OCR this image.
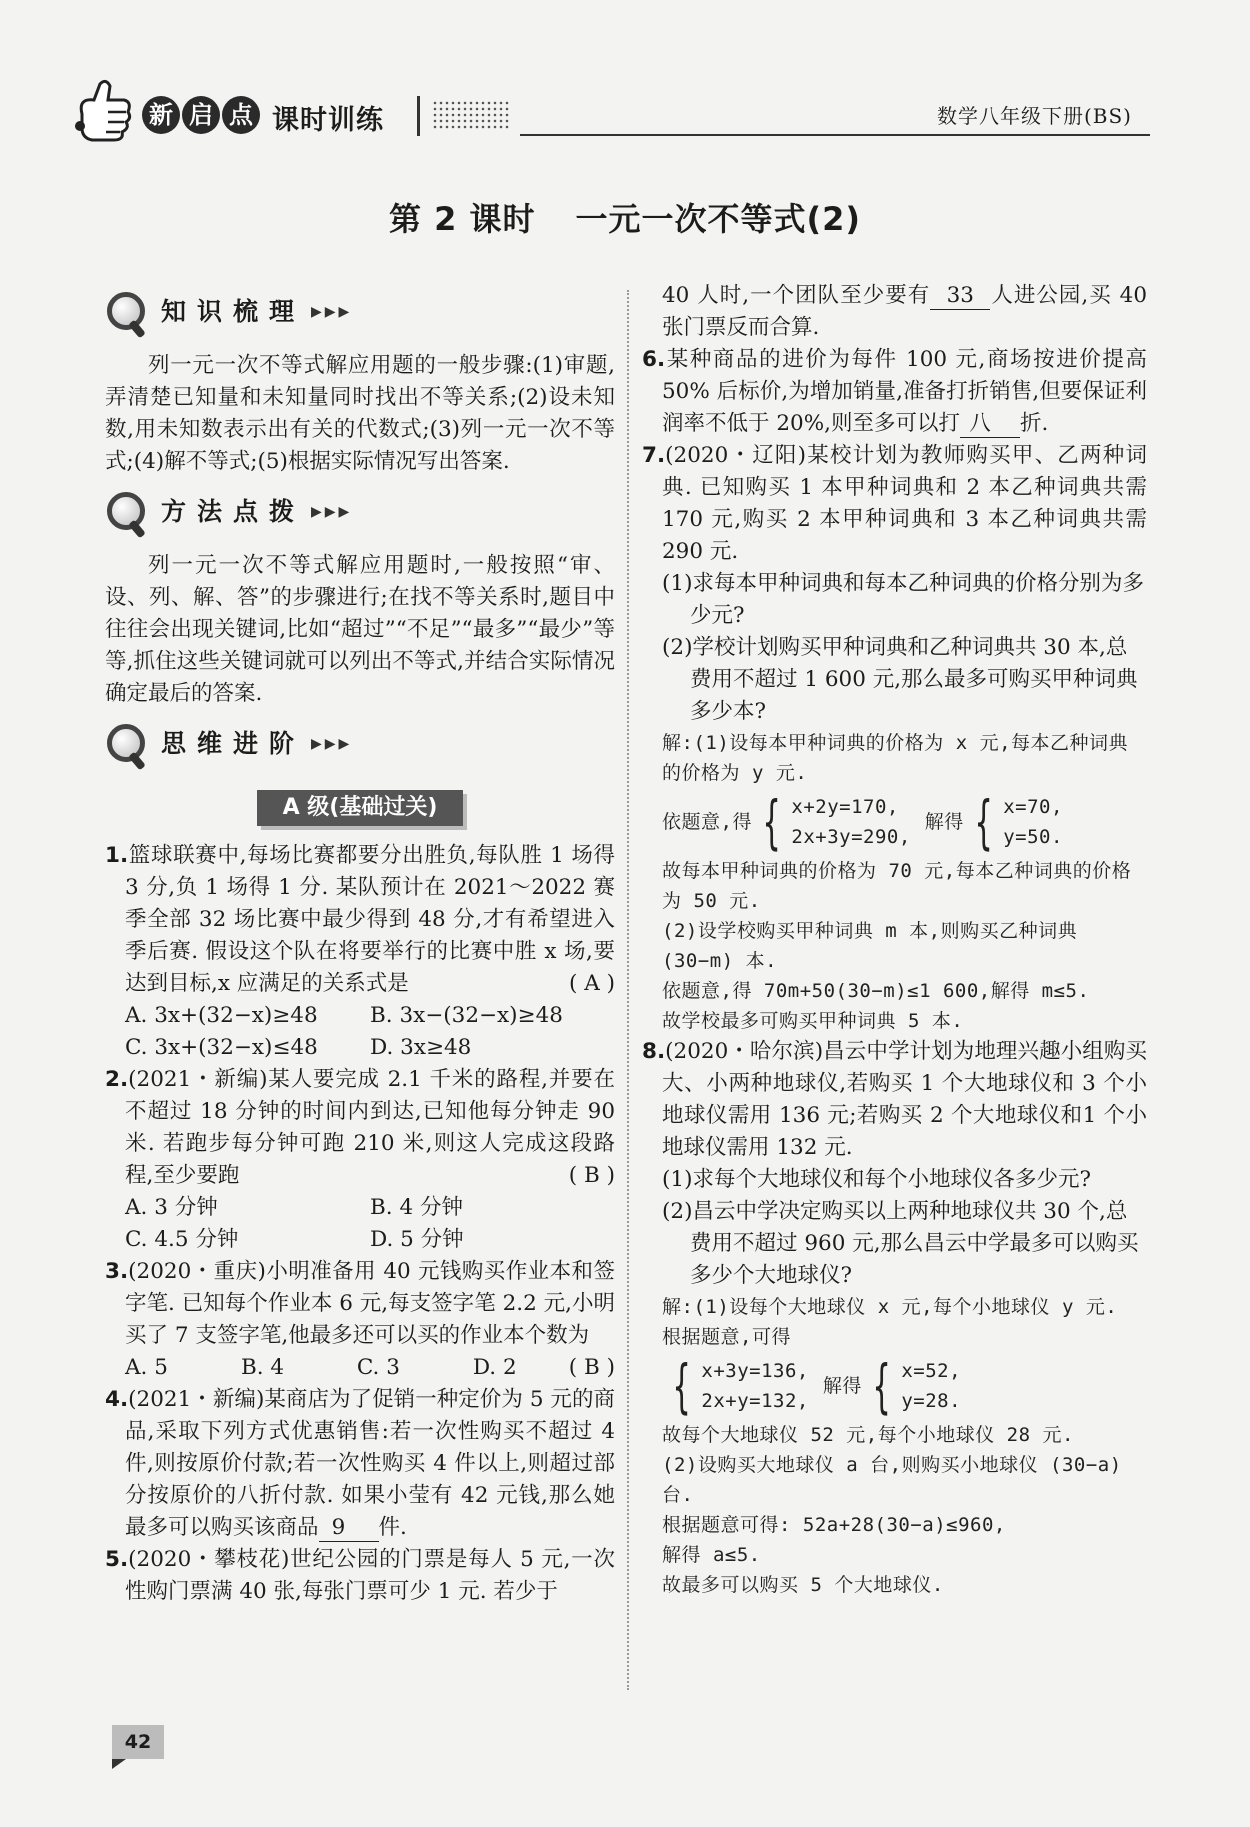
新 启 点 课时训练	数学八年级下册(BS)
第 2 课时 一元一次不等式(2)
知识梳理 ▶▶▶

列一元一次不等式解应用题的一般步骤:(1)审题,弄清楚已知量和未知量同时找出不等关系;(2)设未知数,用未知数表示出有关的代数式;(3)列一元一次不等式;(4)解不等式;(5)根据实际情况写出答案.

方法点拨 ▶▶▶

列一元一次不等式解应用题时,一般按照“审、设、列、解、答”的步骤进行;在找不等关系时,题目中往往会出现关键词,比如“超过”“不足”“最多”“最少”等等,抓住这些关键词就可以列出不等式,并结合实际情况确定最后的答案.

思维进阶 ▶▶▶
A 级(基础过关)

1.篮球联赛中,每场比赛都要分出胜负,每队胜 1 场得 3 分,负 1 场得 1 分. 某队预计在 2021～2022 赛季全部 32 场比赛中最少得到 48 分,才有希望进入季后赛. 假设这个队在将要举行的比赛中胜 x 场,要达到目标,x 应满足的关系式是	( A )

A. 3x+(32−x)≥48	B. 3x−(32−x)≥48
C. 3x+(32−x)≤48	D. 3x≥48

2.(2021・新编)某人要完成 2.1 千米的路程,并要在不超过 18 分钟的时间内到达,已知他每分钟走 90 米. 若跑步每分钟可跑 210 米,则这人完成这段路程,至少要跑	( B )

A. 3 分钟	B. 4 分钟
C. 4.5 分钟	D. 5 分钟

3.(2020・重庆)小明准备用 40 元钱购买作业本和签字笔. 已知每个作业本 6 元,每支签字笔 2.2 元,小明买了 7 支签字笔,他最多还可以买的作业本个数为
( B )

A. 5	B. 4	C. 3	D. 2

4.(2021・新编)某商店为了促销一种定价为 5 元的商品,采取下列方式优惠销售:若一次性购买不超过 4 件,则按原价付款;若一次性购买 4 件以上,则超过部分按原价的八折付款. 如果小莹有 42 元钱,那么她最多可以购买该商品 9 件.

5.(2020・攀枝花)世纪公园的门票是每人 5 元,一次性购门票满 40 张,每张门票可少 1 元. 若少于

40 人时,一个团队至少要有 33 人进公园,买 40 张门票反而合算.

6.某种商品的进价为每件 100 元,商场按进价提高 50% 后标价,为增加销量,准备打折销售,但要保证利润率不低于 20%,则至多可以打 八 折.

7.(2020・辽阳)某校计划为教师购买甲、乙两种词典. 已知购买 1 本甲种词典和 2 本乙种词典共需 170 元,购买 2 本甲种词典和 3 本乙种词典共需 290 元.

(1)求每本甲种词典和每本乙种词典的价格分别为多少元?

(2)学校计划购买甲种词典和乙种词典共 30 本,总费用不超过 1 600 元,那么最多可购买甲种词典多少本?

解:(1)设每本甲种词典的价格为 x 元,每本乙种词典的价格为 y 元.

依题意,得 { x+2y=170,
2x+3y=290,
解得 { x=70,
y=50.

故每本甲种词典的价格为 70 元,每本乙种词典的价格为 50 元.

(2)设学校购买甲种词典 m 本,则购买乙种词典 (30−m) 本.

依题意,得 70m+50(30−m)≤1 600,解得 m≤5.

故学校最多可购买甲种词典 5 本.

8.(2020・哈尔滨)昌云中学计划为地理兴趣小组购买大、小两种地球仪,若购买 1 个大地球仪和 3 个小地球仪需用 136 元;若购买 2 个大地球仪和1 个小地球仪需用 132 元.

(1)求每个大地球仪和每个小地球仪各多少元?

(2)昌云中学决定购买以上两种地球仪共 30 个,总费用不超过 960 元,那么昌云中学最多可以购买多少个大地球仪?

解:(1)设每个大地球仪 x 元,每个小地球仪 y 元. 根据题意,可得

{ x+3y=136,
2x+y=132,
解得 { x=52,
y=28.

故每个大地球仪 52 元,每个小地球仪 28 元.

(2)设购买大地球仪 a 台,则购买小地球仪 (30−a) 台.

根据题意可得: 52a+28(30−a)≤960,

解得 a≤5.

故最多可以购买 5 个大地球仪.

42
